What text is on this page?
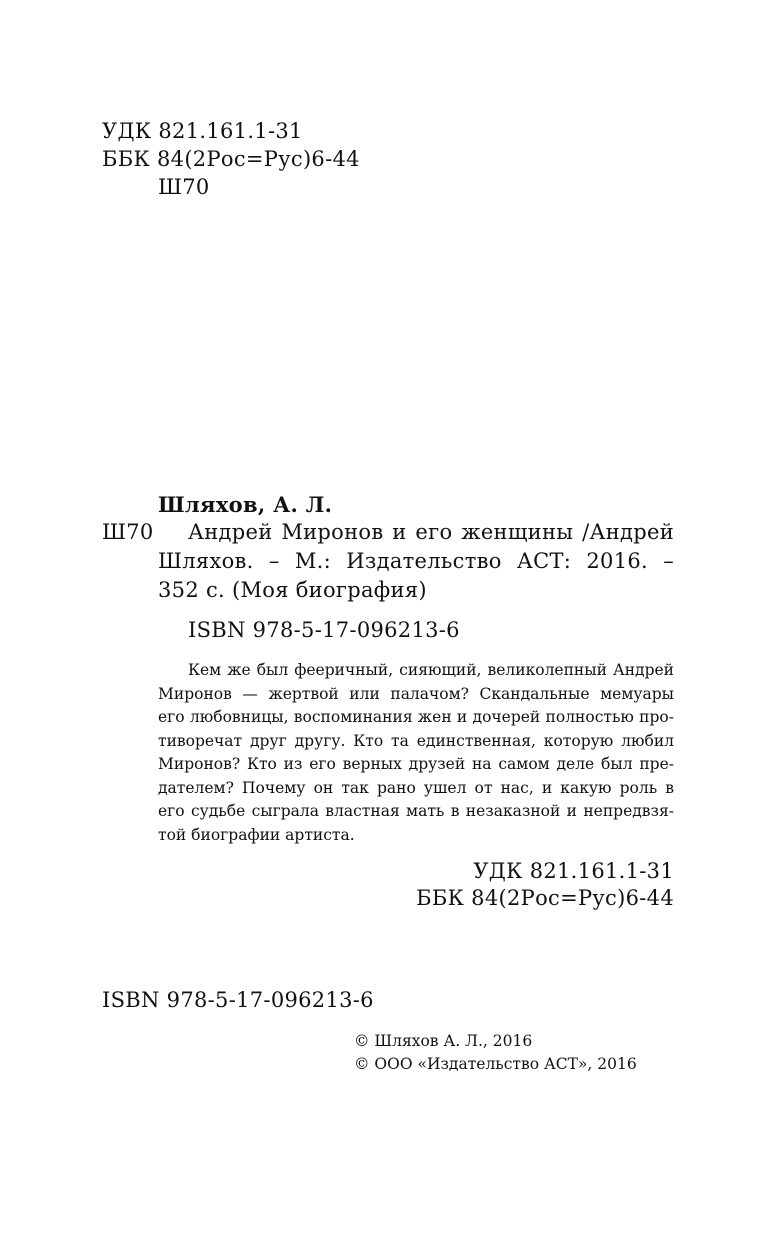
УДК 821.161.1-31
ББК 84(2Рос=Рус)6-44
Ш70
Шляхов, А. Л.
Ш70 Андрей Миронов и его женщины /Андрей
Шляхов. – М.: Издательство АСТ: 2016. –
352 с. (Моя биография)
ISBN 978-5-17-096213-6
Кем же был фееричный, сияющий, великолепный Андрей
Миронов — жертвой или палачом? Скандальные мемуары
его любовницы, воспоминания жен и дочерей полностью про-
тиворечат друг другу. Кто та единственная, которую любил
Миронов? Кто из его верных друзей на самом деле был пре-
дателем? Почему он так рано ушел от нас, и какую роль в
его судьбе сыграла властная мать в незаказной и непредвзя-
той биографии артиста.
УДК 821.161.1-31
ББК 84(2Рос=Рус)6-44
ISBN 978-5-17-096213-6
© Шляхов А. Л., 2016
© ООО «Издательство АСТ», 2016
